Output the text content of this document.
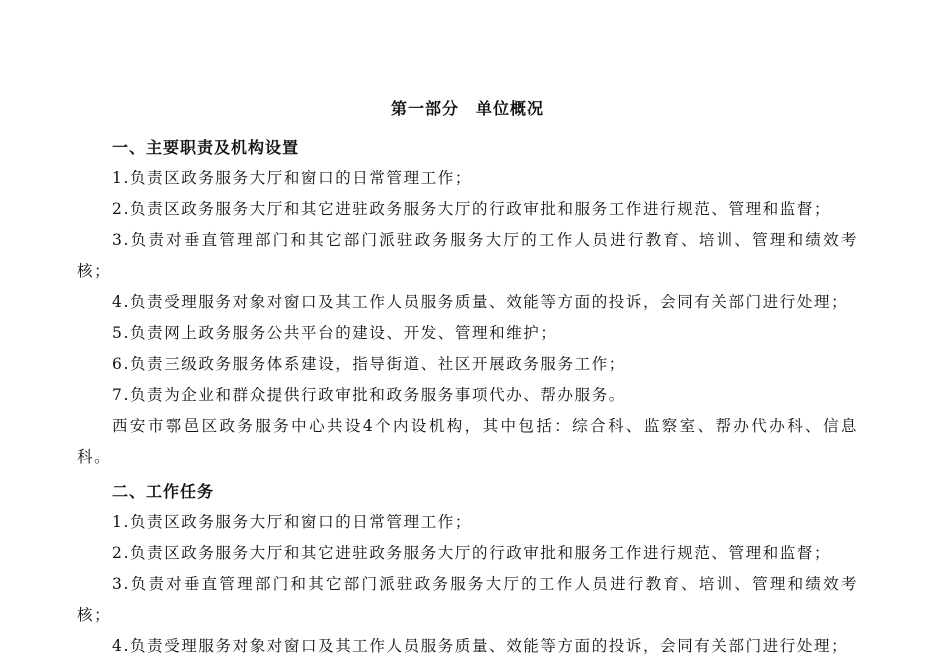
第一部分　单位概况
一、主要职责及机构设置

1.负责区政务服务大厅和窗口的日常管理工作；

2.负责区政务服务大厅和其它进驻政务服务大厅的行政审批和服务工作进行规范、管理和监督；

3.负责对垂直管理部门和其它部门派驻政务服务大厅的工作人员进行教育、培训、管理和绩效考核；

4.负责受理服务对象对窗口及其工作人员服务质量、效能等方面的投诉，会同有关部门进行处理；

5.负责网上政务服务公共平台的建设、开发、管理和维护；

6.负责三级政务服务体系建设，指导街道、社区开展政务服务工作；

7.负责为企业和群众提供行政审批和政务服务事项代办、帮办服务。

西安市鄠邑区政务服务中心共设4个内设机构，其中包括：综合科、监察室、帮办代办科、信息科。

二、工作任务

1.负责区政务服务大厅和窗口的日常管理工作；

2.负责区政务服务大厅和其它进驻政务服务大厅的行政审批和服务工作进行规范、管理和监督；

3.负责对垂直管理部门和其它部门派驻政务服务大厅的工作人员进行教育、培训、管理和绩效考核；

4.负责受理服务对象对窗口及其工作人员服务质量、效能等方面的投诉，会同有关部门进行处理；
